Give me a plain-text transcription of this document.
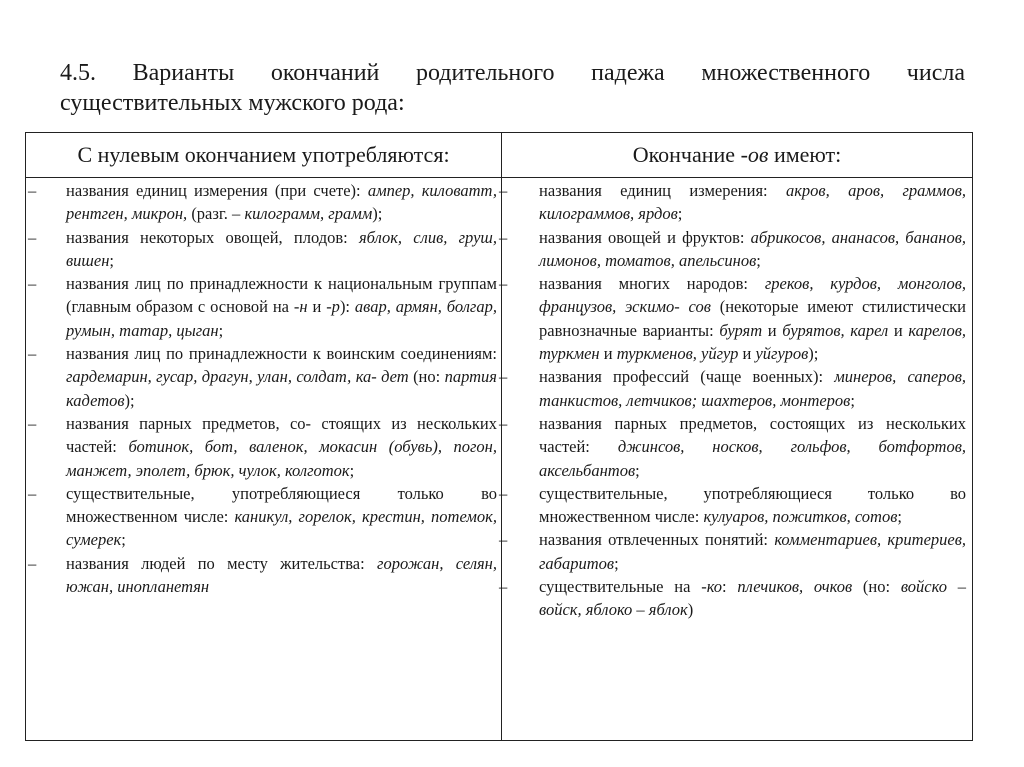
4.5. Варианты окончаний родительного падежа множественного числа существительных мужского рода:
С нулевым окончанием употребляются:	Окончание -ов имеют:
– названия единиц измерения (при счете): ампер, киловатт, рентген, микрон, (разг. – килограмм, грамм);
– названия некоторых овощей, плодов: яблок, слив, груш, вишен;
– названия лиц по принадлежности к национальным группам (главным образом с основой на -н и -р): авар, армян, болгар, румын, татар, цыган;
– названия лиц по принадлежности к воинским соединениям: гардемарин, гусар, драгун, улан, солдат, ка- дет (но: партия кадетов);
– названия парных предметов, со- стоящих из нескольких частей: ботинок, бот, валенок, мокасин (обувь), погон, манжет, эполет, брюк, чулок, колготок;
– существительные, употребляющиеся только во множественном числе: каникул, горелок, крестин, потемок, сумерек;
– названия людей по месту жительства: горожан, селян, южан, инопланетян
– названия единиц измерения: акров, аров, граммов, килограммов, ярдов;
– названия овощей и фруктов: абрикосов, ананасов, бананов, лимонов, томатов, апельсинов;
– названия многих народов: греков, курдов, монголов, французов, эскимо- сов (некоторые имеют стилистически равнозначные варианты: бурят и бурятов, карел и карелов, туркмен и туркменов, уйгур и уйгуров);
– названия профессий (чаще военных): минеров, саперов, танкистов, летчиков; шахтеров, монтеров;
– названия парных предметов, состоящих из нескольких частей: джинсов, носков, гольфов, ботфортов, аксельбантов;
– существительные, употребляющиеся только во множественном числе: кулуаров, пожитков, сотов;
– названия отвлеченных понятий: комментариев, критериев, габаритов;
– существительные на -ко: плечиков, очков (но: войско – войск, яблоко – яблок)
